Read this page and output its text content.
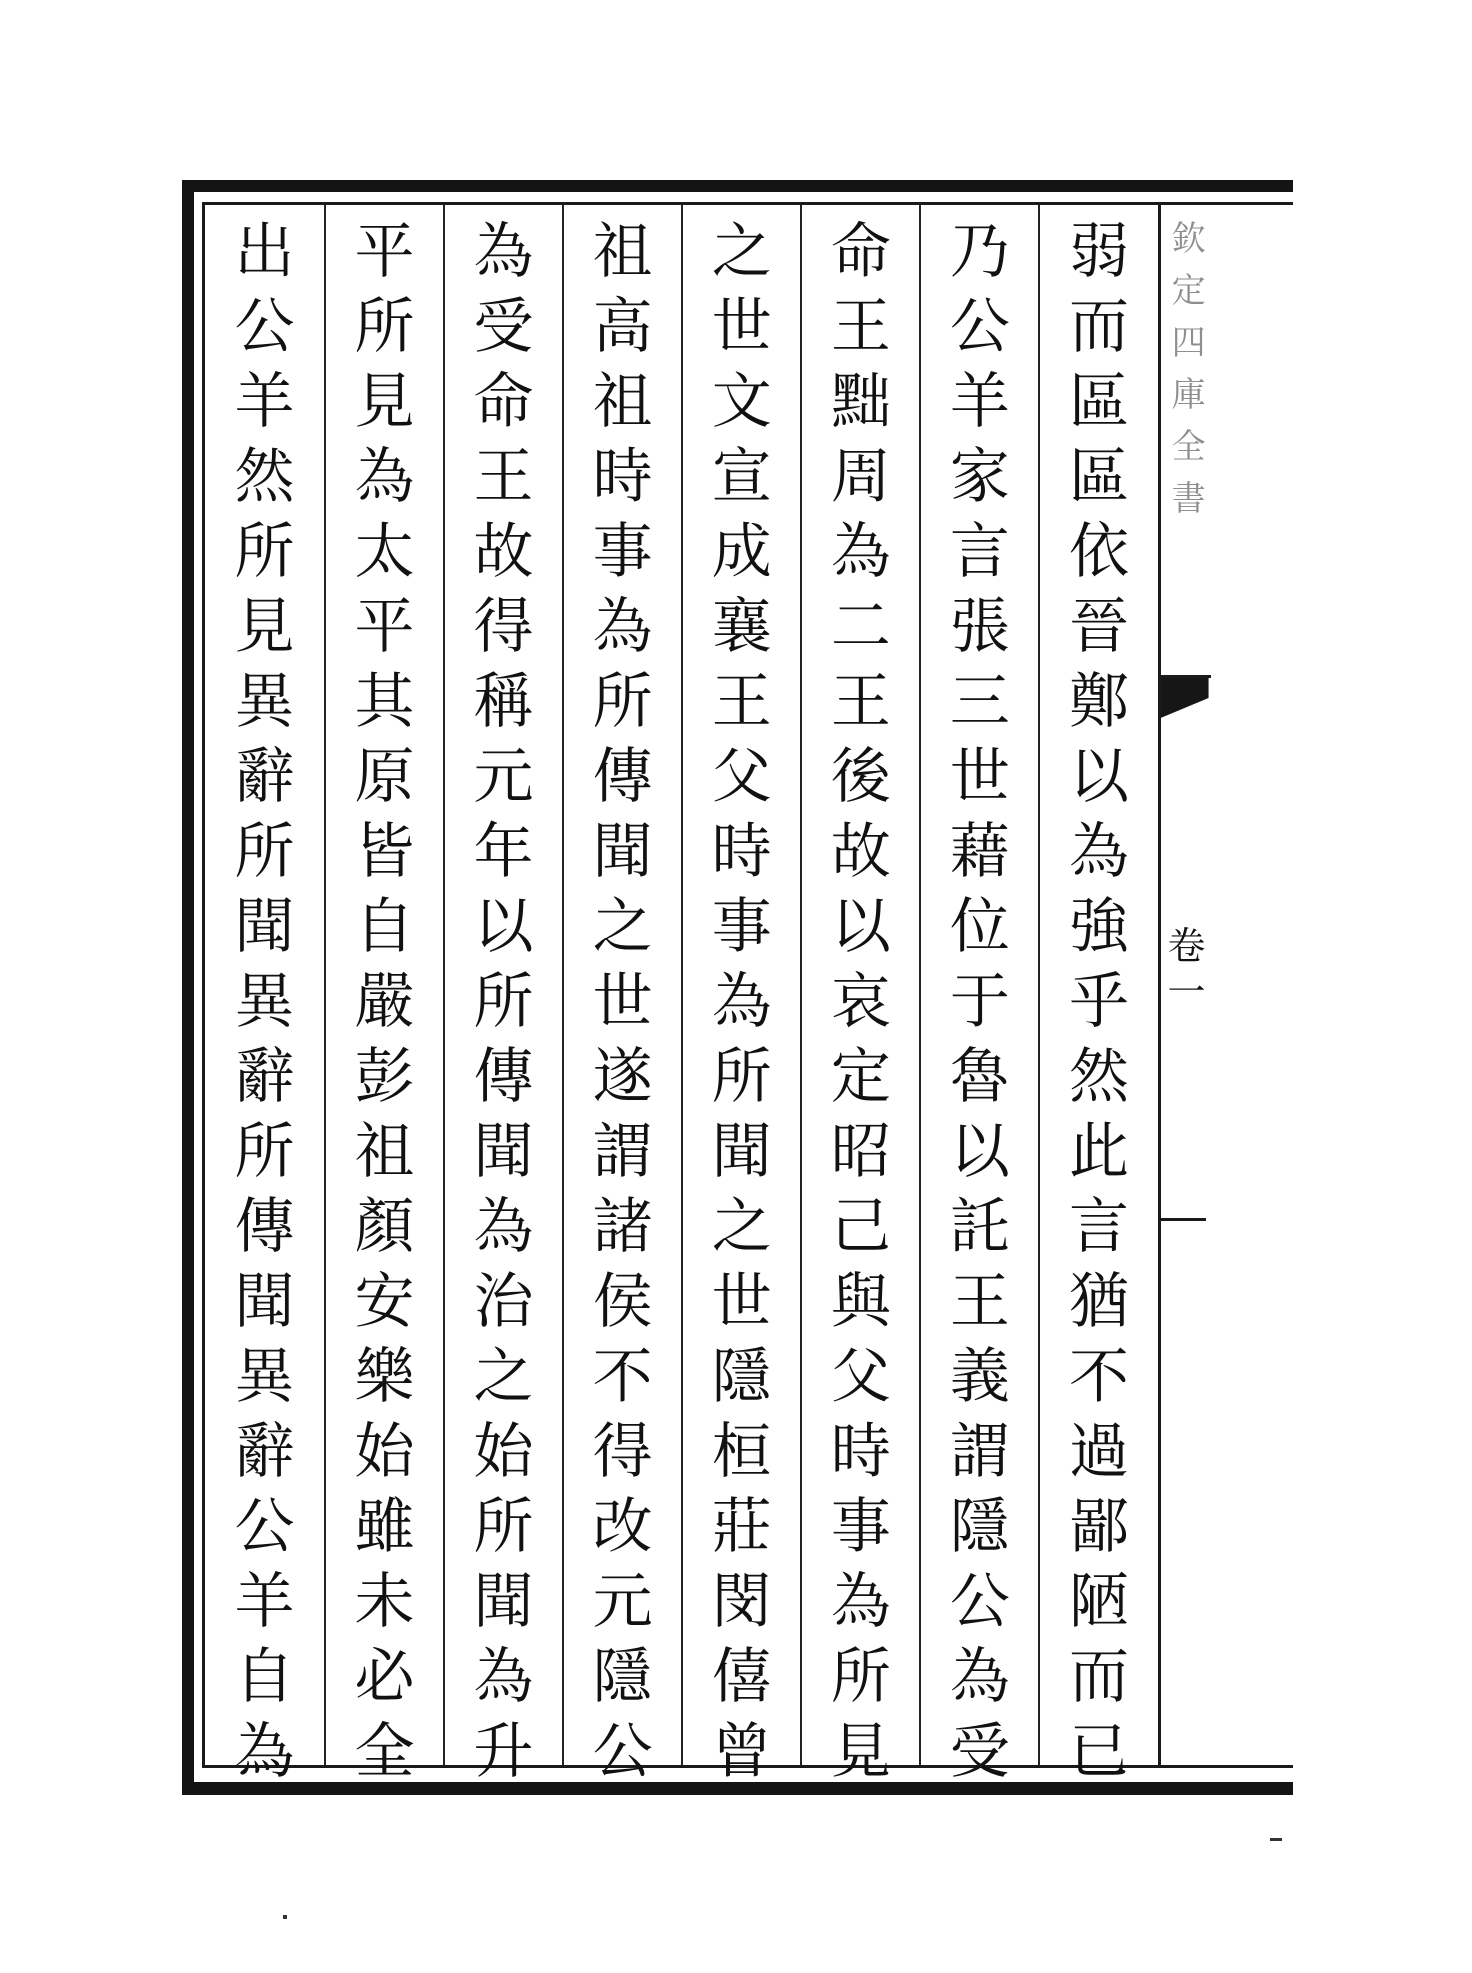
欽
定
四
庫
全
書
卷
一
弱
而
區
區
依
晉
鄭
以
為
強
乎
然
此
言
猶
不
過
鄙
陋
而
已
乃
公
羊
家
言
張
三
世
藉
位
于
魯
以
託
王
義
謂
隱
公
為
受
命
王
黜
周
為
二
王
後
故
以
哀
定
昭
己
與
父
時
事
為
所
見
之
世
文
宣
成
襄
王
父
時
事
為
所
聞
之
世
隱
桓
莊
閔
僖
曾
祖
高
祖
時
事
為
所
傳
聞
之
世
遂
謂
諸
侯
不
得
改
元
隱
公
為
受
命
王
故
得
稱
元
年
以
所
傳
聞
為
治
之
始
所
聞
為
升
平
所
見
為
太
平
其
原
皆
自
嚴
彭
祖
顏
安
樂
始
雖
未
必
全
出
公
羊
然
所
見
異
辭
所
聞
異
辭
所
傳
聞
異
辭
公
羊
自
為
